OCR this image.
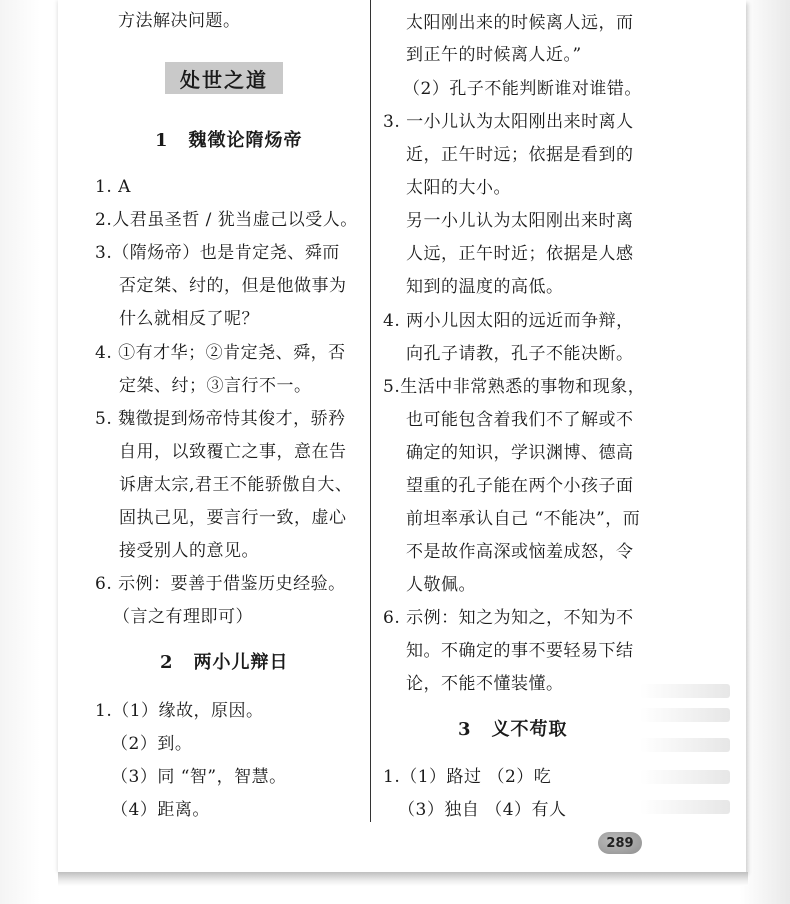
方法解决问题。
处世之道
1 魏徵论隋炀帝
1. A
2.人君虽圣哲 / 犹当虚己以受人。
3.（隋炀帝）也是肯定尧、舜而
否定桀、纣的，但是他做事为
什么就相反了呢？
4. ①有才华；②肯定尧、舜，否
定桀、纣；③言行不一。
5. 魏徵提到炀帝恃其俊才，骄矜
自用，以致覆亡之事，意在告
诉唐太宗,君王不能骄傲自大、
固执己见，要言行一致，虚心
接受别人的意见。
6. 示例：要善于借鉴历史经验。
（言之有理即可）
2 两小儿辩日
1.（1）缘故，原因。
（2）到。
（3）同 “智”，智慧。
（4）距离。
太阳刚出来的时候离人远，而
到正午的时候离人近。”
（2）孔子不能判断谁对谁错。
3. 一小儿认为太阳刚出来时离人
近，正午时远；依据是看到的
太阳的大小。
另一小儿认为太阳刚出来时离
人远，正午时近；依据是人感
知到的温度的高低。
4. 两小儿因太阳的远近而争辩，
向孔子请教，孔子不能决断。
5.生活中非常熟悉的事物和现象，
也可能包含着我们不了解或不
确定的知识，学识渊博、德高
望重的孔子能在两个小孩子面
前坦率承认自己 “不能决”，而
不是故作高深或恼羞成怒，令
人敬佩。
6. 示例：知之为知之，不知为不
知。不确定的事不要轻易下结
论，不能不懂装懂。
3 义不苟取
1.（1）路过 （2）吃
（3）独自 （4）有人
289
